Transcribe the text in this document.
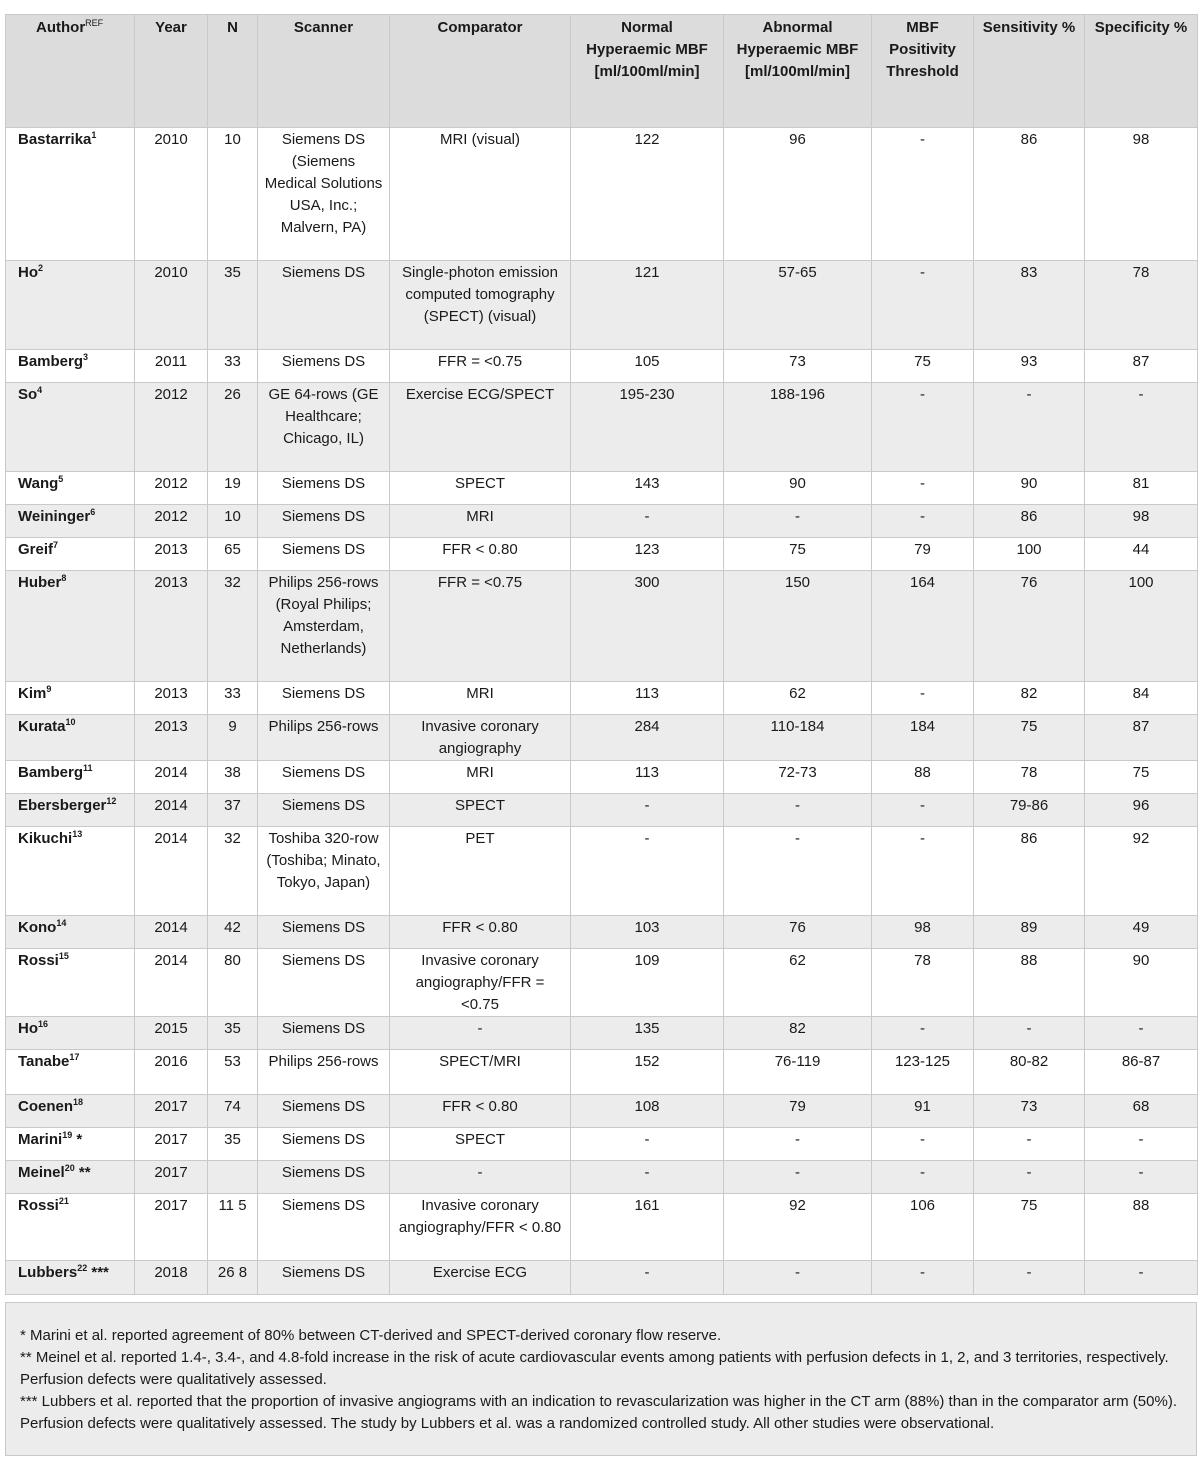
Author$^{REF}$	Year	N	Scanner	Comparator	Normal Hyperaemic MBF [ml/100ml/min]	Abnormal Hyperaemic MBF [ml/100ml/min]	MBF Positivity Threshold	Sensitivity %	Specificity %
Bastarrika$^1$	2010	10	Siemens DS (Siemens Medical Solutions USA, Inc.; Malvern, PA)	MRI (visual)	122	96	-	86	98
Ho$^2$	2010	35	Siemens DS	Single-photon emission computed tomography (SPECT) (visual)	121	57-65	-	83	78
Bamberg$^3$	2011	33	Siemens DS	FFR = <0.75	105	73	75	93	87
So$^4$	2012	26	GE 64-rows (GE Healthcare; Chicago, IL)	Exercise ECG/SPECT	195-230	188-196	-	-	-
Wang$^5$	2012	19	Siemens DS	SPECT	143	90	-	90	81
Weininger$^6$	2012	10	Siemens DS	MRI	-	-	-	86	98
Greif$^7$	2013	65	Siemens DS	FFR < 0.80	123	75	79	100	44
Huber$^8$	2013	32	Philips 256-rows (Royal Philips; Amsterdam, Netherlands)	FFR = <0.75	300	150	164	76	100
Kim$^9$	2013	33	Siemens DS	MRI	113	62	-	82	84
Kurata$^{10}$	2013	9	Philips 256-rows	Invasive coronary angiography	284	110-184	184	75	87
Bamberg$^{11}$	2014	38	Siemens DS	MRI	113	72-73	88	78	75
Ebersberger$^{12}$	2014	37	Siemens DS	SPECT	-	-	-	79-86	96
Kikuchi$^{13}$	2014	32	Toshiba 320-row (Toshiba; Minato, Tokyo, Japan)	PET	-	-	-	86	92
Kono$^{14}$	2014	42	Siemens DS	FFR < 0.80	103	76	98	89	49
Rossi$^{15}$	2014	80	Siemens DS	Invasive coronary angiography/FFR = <0.75	109	62	78	88	90
Ho$^{16}$	2015	35	Siemens DS	-	135	82	-	-	-
Tanabe$^{17}$	2016	53	Philips 256-rows	SPECT/MRI	152	76-119	123-125	80-82	86-87
Coenen$^{18}$	2017	74	Siemens DS	FFR < 0.80	108	79	91	73	68
Marini$^{19}$ *	2017	35	Siemens DS	SPECT	-	-	-	-	-
Meinel$^{20}$ **	2017		Siemens DS	-	-	-	-	-	-
Rossi$^{21}$	2017	11 5	Siemens DS	Invasive coronary angiography/FFR < 0.80	161	92	106	75	88
Lubbers$^{22}$ ***	2018	26 8	Siemens DS	Exercise ECG	-	-	-	-	-

* Marini et al. reported agreement of 80% between CT-derived and SPECT-derived coronary flow reserve.

** Meinel et al. reported 1.4-, 3.4-, and 4.8-fold increase in the risk of acute cardiovascular events among patients with perfusion defects in 1, 2, and 3 territories, respectively. Perfusion defects were qualitatively assessed.

*** Lubbers et al. reported that the proportion of invasive angiograms with an indication to revascularization was higher in the CT arm (88%) than in the comparator arm (50%). Perfusion defects were qualitatively assessed. The study by Lubbers et al. was a randomized controlled study. All other studies were observational.
